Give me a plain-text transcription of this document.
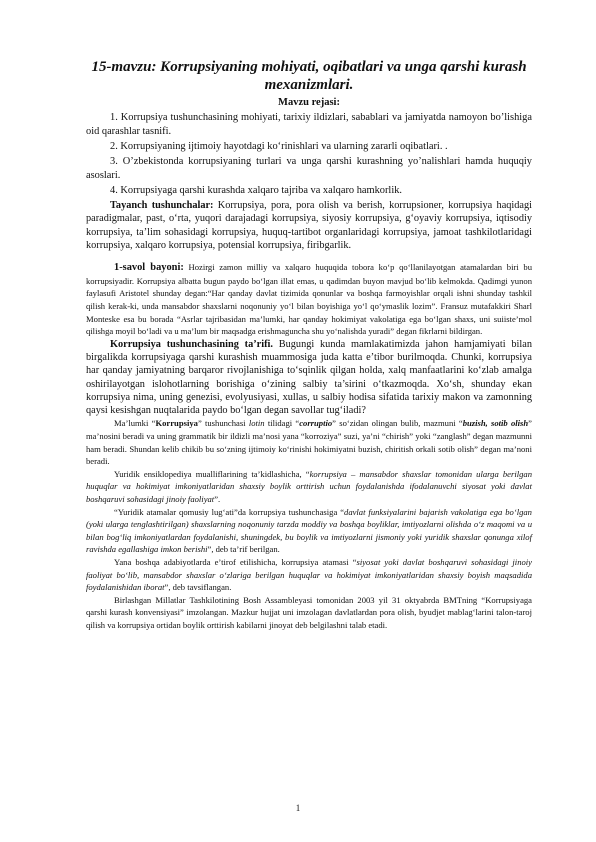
15-mavzu: Korrupsiyaning mohiyati, oqibatlari va unga qarshi kurash
mexanizmlari.
Mavzu rejasi:

1. Korrupsiya tushunchasining mohiyati, tarixiy ildizlari, sabablari va jamiyatda namoyon bo’lishiga oid qarashlar tasnifi.

2. Korrupsiyaning ijtimoiy hayotdagi ko‘rinishlari va ularning zararli oqibatlari. .

3. O’zbekistonda korrupsiyaning turlari va unga qarshi kurashning yo’nalishlari hamda huquqiy asoslari.

4. Korrupsiyaga qarshi kurashda xalqaro tajriba va xalqaro hamkorlik.

Tayanch tushunchalar: Korrupsiya, pora, pora olish va berish, korrupsioner, korrupsiya haqidagi paradigmalar, past, o‘rta, yuqori darajadagi korrupsiya, siyosiy korrupsiya, g‘oyaviy korrupsiya, iqtisodiy korrupsiya, ta’lim sohasidagi korrupsiya, huquq-tartibot organlaridagi korrupsiya, jamoat tashkilotlaridagi korrupsiya, xalqaro korrupsiya, potensial korrupsiya, firibgarlik.

1-savol bayoni: Hozirgi zamon milliy va xalqaro huquqida tobora ko‘p qo‘llanilayotgan atamalardan biri bu korrupsiyadir. Korrupsiya albatta bugun paydo bo‘lgan illat emas, u qadimdan buyon mavjud bo‘lib kelmokda. Qadimgi yunon faylasufi Aristotel shunday degan:“Har qanday davlat tizimida qonunlar va boshqa farmoyishlar orqali ishni shunday tashkil qilish kerak-ki, unda mansabdor shaxslarni noqonuniy yo‘l bilan boyishiga yo‘l qo‘ymaslik lozim”. Fransuz mutafakkiri Sharl Monteske esa bu borada “Asrlar tajribasidan ma’lumki, har qanday hokimiyat vakolatiga ega bo‘lgan shaxs, uni suiiste’mol qilishga moyil bo‘ladi va u ma’lum bir maqsadga erishmaguncha shu yo‘nalishda yuradi” degan fikrlarni bildirgan.

Korrupsiya tushunchasining ta’rifi. Bugungi kunda mamlakatimizda jahon hamjamiyati bilan birgalikda korrupsiyaga qarshi kurashish muammosiga juda katta e’tibor burilmoqda. Chunki, korrupsiya har qanday jamiyatning barqaror rivojlanishiga to‘sqinlik qilgan holda, xalq manfaatlarini ko‘zlab amalga oshirilayotgan islohotlarning borishiga o‘zining salbiy ta’sirini o‘tkazmoqda. Xo‘sh, shunday ekan korrupsiya nima, uning genezisi, evolyusiyasi, xullas, u salbiy hodisa sifatida tarixiy makon va zamonning qaysi kesishgan nuqtalarida paydo bo‘lgan degan savollar tug‘iladi?

Ma’lumki “Korrupsiya” tushunchasi lotin tilidagi “corruptio” so‘zidan olingan bulib, mazmuni “buzish, sotib olish” ma’nosini beradi va uning grammatik bir ildizli ma’nosi yana “korroziya” suzi, ya’ni “chirish” yoki “zanglash” degan mazmunni ham beradi. Shundan kelib chikib bu so‘zning ijtimoiy ko‘rinishi hokimiyatni buzish, chiritish orkali sotib olish” degan ma’noni beradi.

Yuridik ensiklopediya mualliflarining ta’kidlashicha, “korrupsiya – mansabdor shaxslar tomonidan ularga berilgan huquqlar va hokimiyat imkoniyatlaridan shaxsiy boylik orttirish uchun foydalanishda ifodalanuvchi siyosat yoki davlat boshqaruvi sohasidagi jinoiy faoliyat”.

“Yuridik atamalar qomusiy lug‘ati”da korrupsiya tushunchasiga “davlat funksiyalarini bajarish vakolatiga ega bo‘lgan (yoki ularga tenglashtirilgan) shaxslarning noqonuniy tarzda moddiy va boshqa boyliklar, imtiyozlarni olishda o‘z maqomi va u bilan bog‘liq imkoniyatlardan foydalanishi, shuningdek, bu boylik va imtiyozlarni jismoniy yoki yuridik shaxslar qonunga xilof ravishda egallashiga imkon berishi”, deb ta’rif berilgan.

Yana boshqa adabiyotlarda e’tirof etilishicha, korrupsiya atamasi “siyosat yoki davlat boshqaruvi sohasidagi jinoiy faoliyat bo‘lib, mansabdor shaxslar o‘zlariga berilgan huquqlar va hokimiyat imkoniyatlaridan shaxsiy boyish maqsadida foydalanishidan iborat”, deb tavsiflangan.

Birlashgan Millatlar Tashkilotining Bosh Assambleyasi tomonidan 2003 yil 31 oktyabrda BMTning “Korrupsiyaga qarshi kurash konvensiyasi” imzolangan. Mazkur hujjat uni imzolagan davlatlardan pora olish, byudjet mablag‘larini talon-taroj qilish va korrupsiya ortidan boylik orttirish kabilarni jinoyat deb belgilashni talab etadi.

1
